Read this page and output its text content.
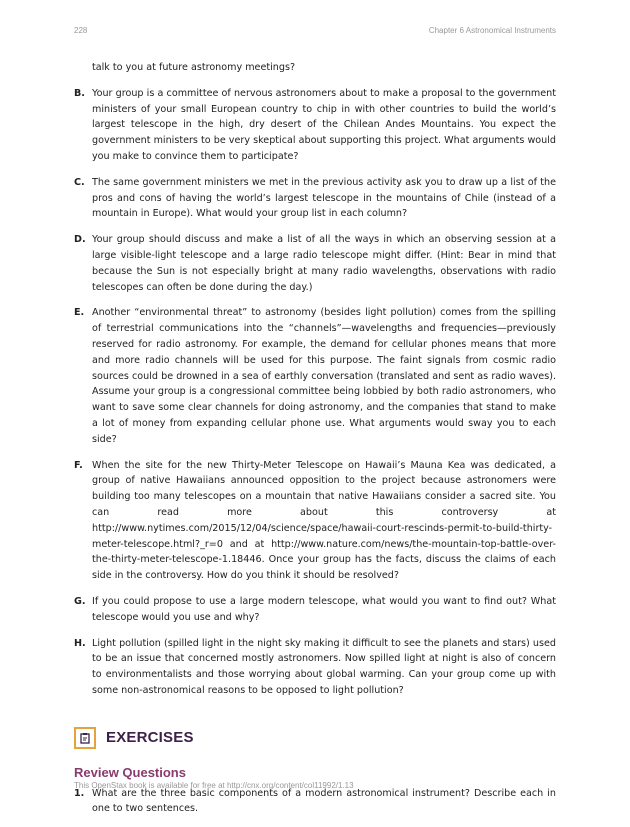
228	Chapter 6 Astronomical Instruments

talk to you at future astronomy meetings?

B. Your group is a committee of nervous astronomers about to make a proposal to the government ministers of your small European country to chip in with other countries to build the world’s largest telescope in the high, dry desert of the Chilean Andes Mountains. You expect the government ministers to be very skeptical about supporting this project. What arguments would you make to convince them to participate?
C. The same government ministers we met in the previous activity ask you to draw up a list of the pros and cons of having the world’s largest telescope in the mountains of Chile (instead of a mountain in Europe). What would your group list in each column?
D. Your group should discuss and make a list of all the ways in which an observing session at a large visible-light telescope and a large radio telescope might differ. (Hint: Bear in mind that because the Sun is not especially bright at many radio wavelengths, observations with radio telescopes can often be done during the day.)
E. Another “environmental threat” to astronomy (besides light pollution) comes from the spilling of terrestrial communications into the “channels”—wavelengths and frequencies—previously reserved for radio astronomy. For example, the demand for cellular phones means that more and more radio channels will be used for this purpose. The faint signals from cosmic radio sources could be drowned in a sea of earthly conversation (translated and sent as radio waves). Assume your group is a congressional committee being lobbied by both radio astronomers, who want to save some clear channels for doing astronomy, and the companies that stand to make a lot of money from expanding cellular phone use. What arguments would sway you to each side?
F. When the site for the new Thirty-Meter Telescope on Hawaii’s Mauna Kea was dedicated, a group of native Hawaiians announced opposition to the project because astronomers were building too many telescopes on a mountain that native Hawaiians consider a sacred site. You can read more about this controversy at http://www.nytimes.com/2015/12/04/science/space/hawaii-court-rescinds-permit-to-build-thirty-meter-telescope.html?_r=0 and at http://www.nature.com/news/the-mountain-top-battle-over-the-thirty-meter-telescope-1.18446. Once your group has the facts, discuss the claims of each side in the controversy. How do you think it should be resolved?
G. If you could propose to use a large modern telescope, what would you want to find out? What telescope would you use and why?
H. Light pollution (spilled light in the night sky making it difficult to see the planets and stars) used to be an issue that concerned mostly astronomers. Now spilled light at night is also of concern to environmentalists and those worrying about global warming. Can your group come up with some non-astronomical reasons to be opposed to light pollution?
EXERCISES
Review Questions
1. What are the three basic components of a modern astronomical instrument? Describe each in one to two sentences.
This OpenStax book is available for free at http://cnx.org/content/col11992/1.13
